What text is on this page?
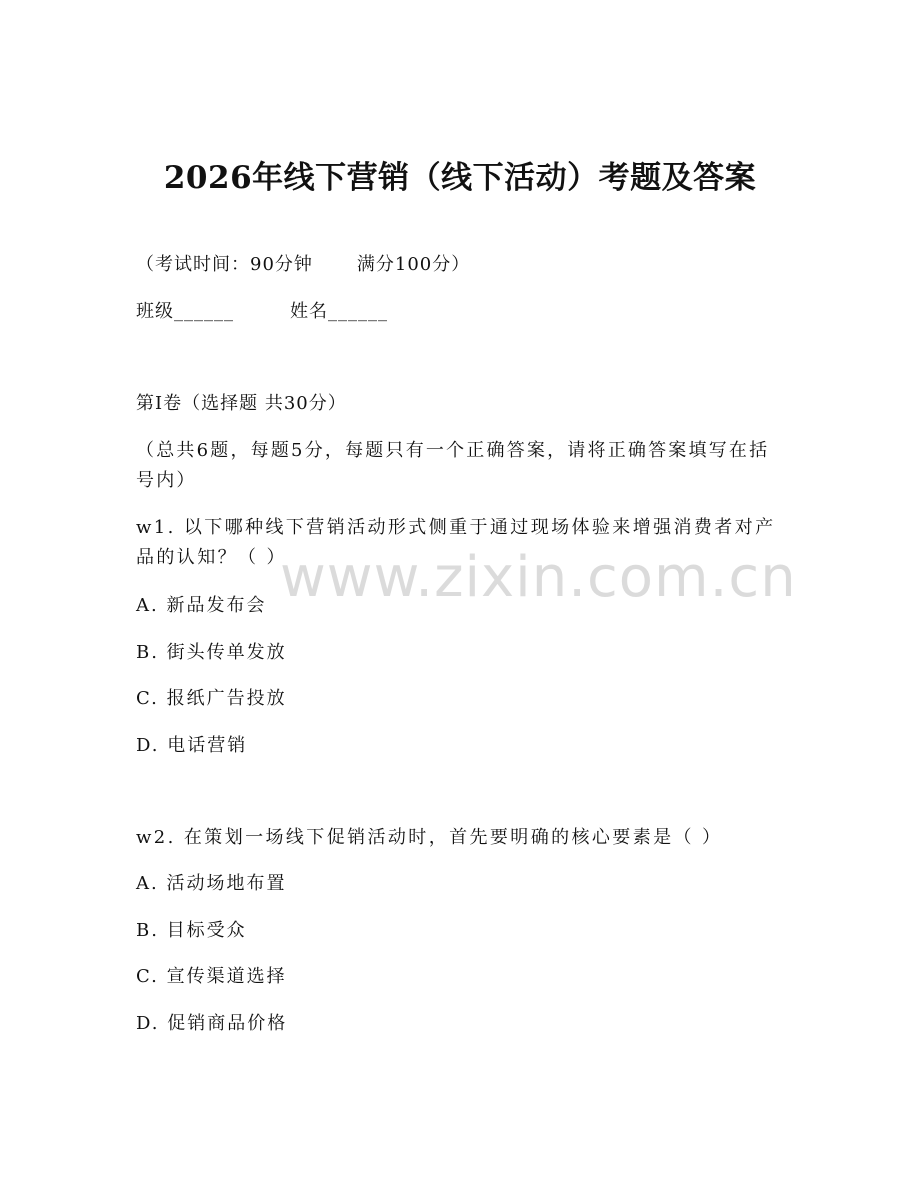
2026年线下营销（线下活动）考题及答案
（考试时间：90分钟 满分100分）
班级______	姓名______
第I卷（选择题 共30分）
（总共6题，每题5分，每题只有一个正确答案，请将正确答案填写在括号内）
w1. 以下哪种线下营销活动形式侧重于通过现场体验来增强消费者对产品的认知？（ ）
A. 新品发布会
B. 街头传单发放
C. 报纸广告投放
D. 电话营销
w2. 在策划一场线下促销活动时，首先要明确的核心要素是（ ）
A. 活动场地布置
B. 目标受众
C. 宣传渠道选择
D. 促销商品价格
www.zixin.com.cn
